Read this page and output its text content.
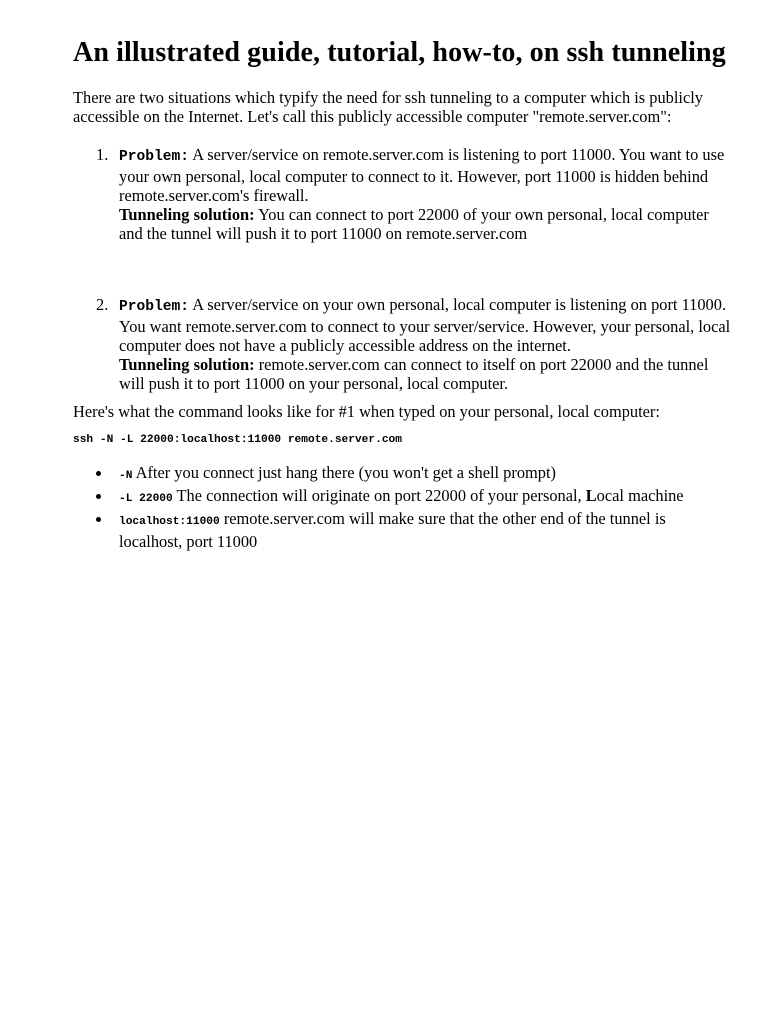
An illustrated guide, tutorial, how-to, on ssh tunneling

There are two situations which typify the need for ssh tunneling to a computer which is publicly accessible on the Internet. Let's call this publicly accessible computer "remote.server.com":

1. Problem: A server/service on remote.server.com is listening to port 11000. You want to use your own personal, local computer to connect to it. However, port 11000 is hidden behind remote.server.com's firewall.
Tunneling solution: You can connect to port 22000 of your own personal, local computer and the tunnel will push it to port 11000 on remote.server.com
2. Problem: A server/service on your own personal, local computer is listening on port 11000. You want remote.server.com to connect to your server/service. However, your personal, local computer does not have a publicly accessible address on the internet.
Tunneling solution: remote.server.com can connect to itself on port 22000 and the tunnel will push it to port 11000 on your personal, local computer.

Here's what the command looks like for #1 when typed on your personal, local computer:

ssh -N -L 22000:localhost:11000 remote.server.com
-N After you connect just hang there (you won't get a shell prompt)
-L 22000 The connection will originate on port 22000 of your personal, Local machine
localhost:11000 remote.server.com will make sure that the other end of the tunnel is localhost, port 11000
